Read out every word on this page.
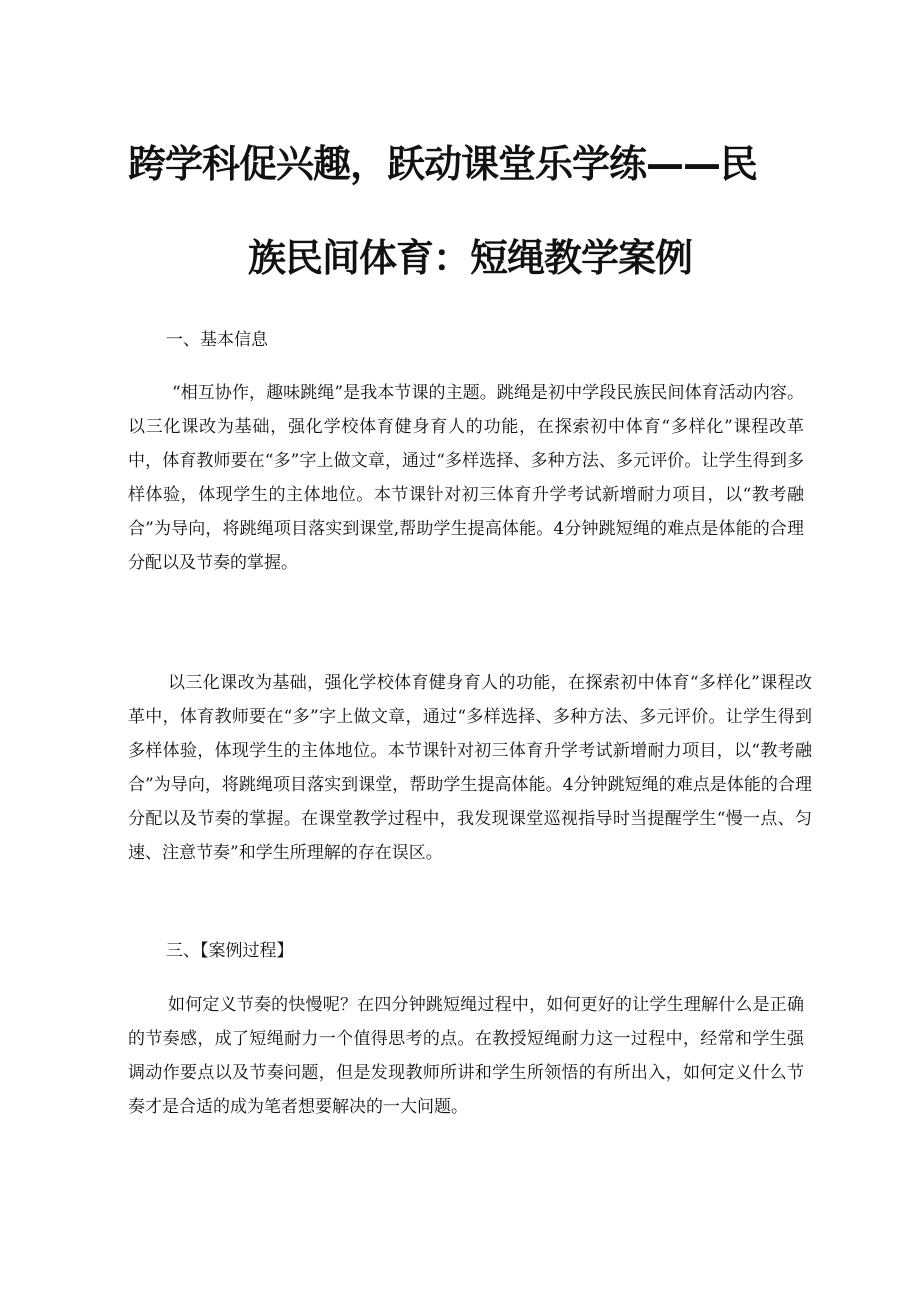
跨学科促兴趣，跃动课堂乐学练——民
族民间体育：短绳教学案例
一、基本信息
“相互协作，趣味跳绳”是我本节课的主题。跳绳是初中学段民族民间体育活动内容。以三化课改为基础，强化学校体育健身育人的功能，在探索初中体育“多样化”课程改革中，体育教师要在“多”字上做文章，通过“多样选择、多种方法、多元评价。让学生得到多样体验，体现学生的主体地位。本节课针对初三体育升学考试新增耐力项目，以“教考融合”为导向，将跳绳项目落实到课堂,帮助学生提高体能。4分钟跳短绳的难点是体能的合理分配以及节奏的掌握。
以三化课改为基础，强化学校体育健身育人的功能，在探索初中体育“多样化”课程改革中，体育教师要在“多”字上做文章，通过“多样选择、多种方法、多元评价。让学生得到多样体验，体现学生的主体地位。本节课针对初三体育升学考试新增耐力项目，以“教考融合”为导向，将跳绳项目落实到课堂，帮助学生提高体能。4分钟跳短绳的难点是体能的合理分配以及节奏的掌握。在课堂教学过程中，我发现课堂巡视指导时当提醒学生“慢一点、匀速、注意节奏”和学生所理解的存在误区。
三、【案例过程】
如何定义节奏的快慢呢？在四分钟跳短绳过程中，如何更好的让学生理解什么是正确的节奏感，成了短绳耐力一个值得思考的点。在教授短绳耐力这一过程中，经常和学生强调动作要点以及节奏问题，但是发现教师所讲和学生所领悟的有所出入，如何定义什么节奏才是合适的成为笔者想要解决的一大问题。
